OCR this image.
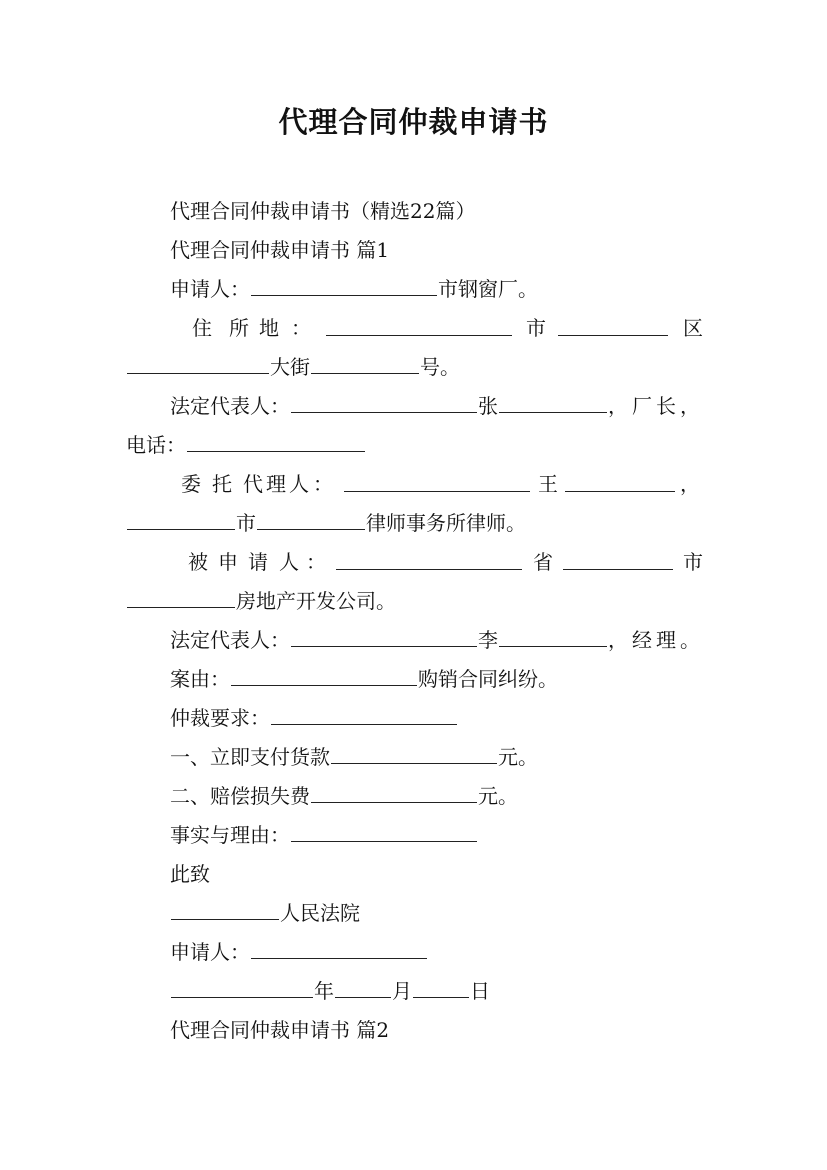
代理合同仲裁申请书
代理合同仲裁申请书（精选22篇）
代理合同仲裁申请书 篇1
申请人：	市钢窗厂。
住 所 地 ：	市	区
大街	号。
法定代表人：	张	，厂长，
电话：
委 托 代 理 人 ：	王	，
市	律师事务所律师。
被 申 请 人 ：	省	市
房地产开发公司。
法定代表人：	李	，经理。
案由：	购销合同纠纷。
仲裁要求：
一、立即支付货款	元。
二、赔偿损失费	元。
事实与理由：
此致
人民法院
申请人：
年	月	日
代理合同仲裁申请书 篇2
